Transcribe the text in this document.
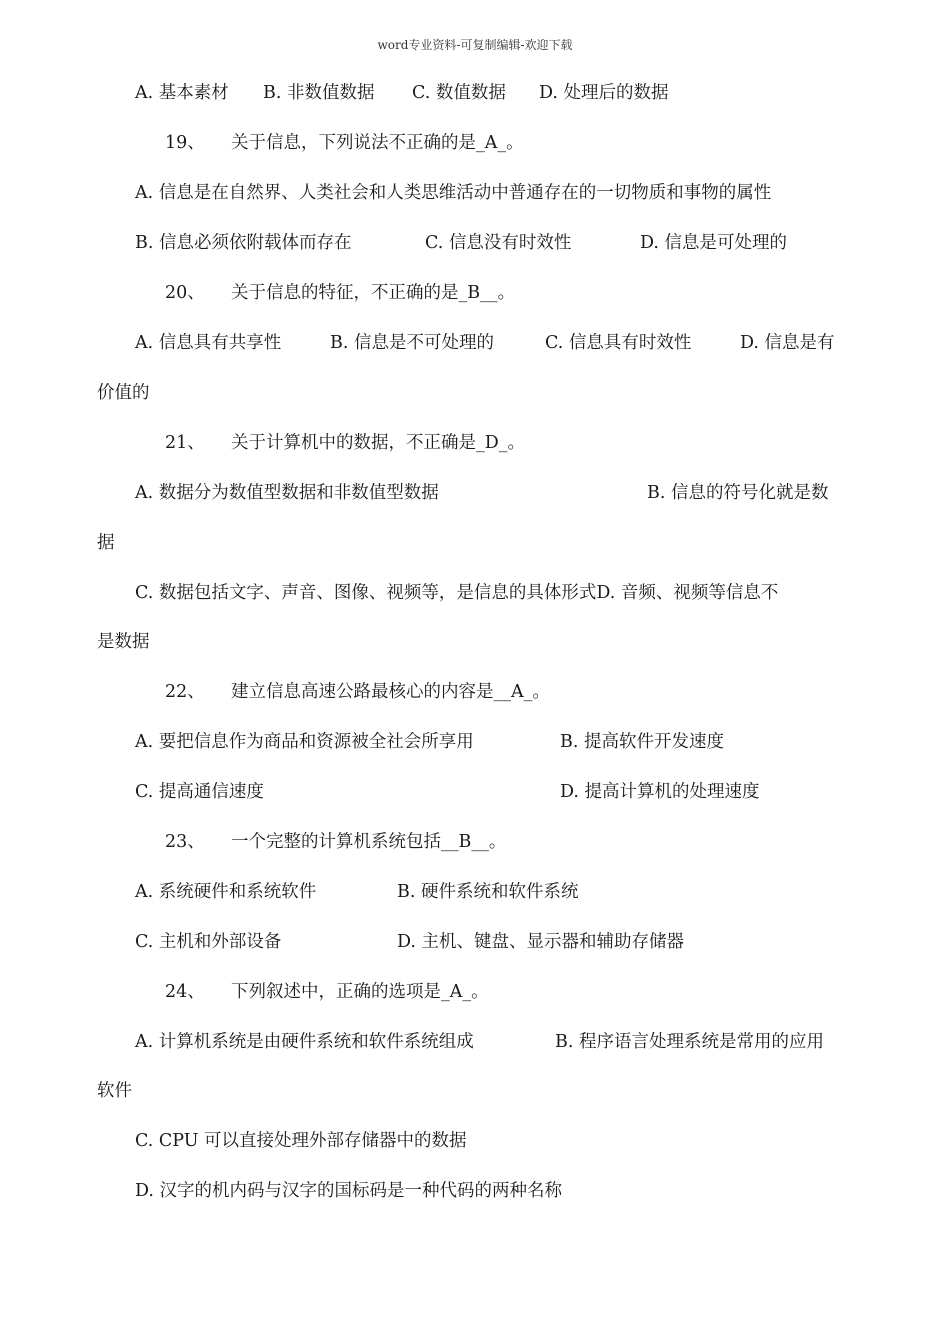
word专业资料-可复制编辑-欢迎下载
A. 基本素材 B. 非数值数据 C. 数值数据 D. 处理后的数据
19、 关于信息，下列说法不正确的是_A_。
A. 信息是在自然界、人类社会和人类思维活动中普通存在的一切物质和事物的属性
B. 信息必须依附载体而存在	C. 信息没有时效性	D. 信息是可处理的
20、 关于信息的特征，不正确的是_B__。
A. 信息具有共享性	B. 信息是不可处理的	C. 信息具有时效性	D. 信息是有
价值的
21、 关于计算机中的数据，不正确是_D_。
A. 数据分为数值型数据和非数值型数据	B. 信息的符号化就是数
据
C. 数据包括文字、声音、图像、视频等，是信息的具体形式D. 音频、视频等信息不
是数据
22、 建立信息高速公路最核心的内容是__A_。
A. 要把信息作为商品和资源被全社会所享用	B. 提高软件开发速度
C. 提高通信速度	D. 提高计算机的处理速度
23、 一个完整的计算机系统包括__B__。
A. 系统硬件和系统软件	B. 硬件系统和软件系统
C. 主机和外部设备	D. 主机、键盘、显示器和辅助存储器
24、 下列叙述中，正确的选项是_A_。
A. 计算机系统是由硬件系统和软件系统组成	B. 程序语言处理系统是常用的应用
软件
C. CPU 可以直接处理外部存储器中的数据
D. 汉字的机内码与汉字的国标码是一种代码的两种名称
